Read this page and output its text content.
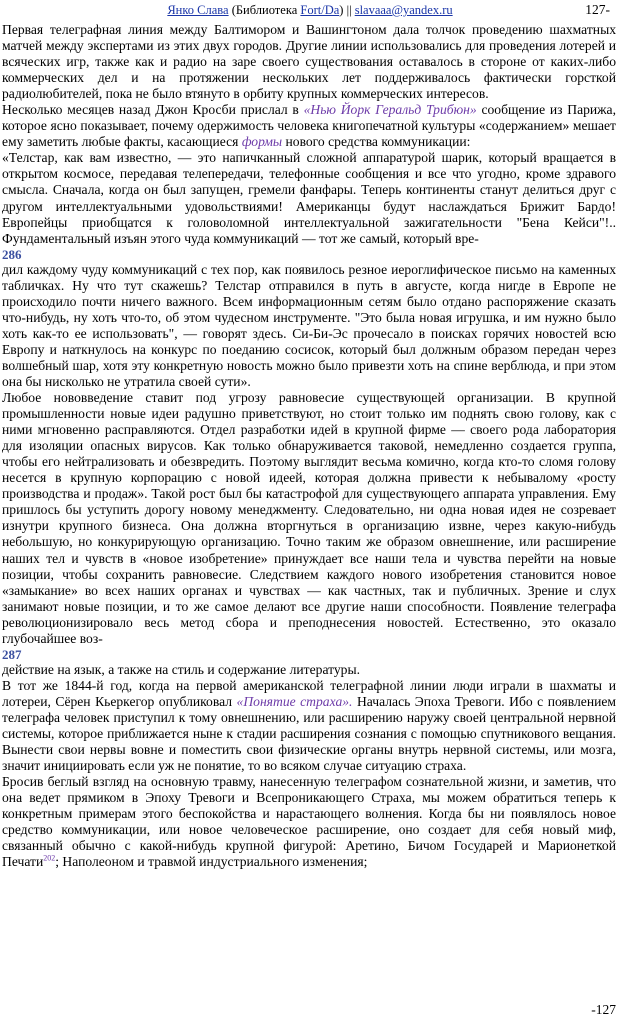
Янко Слава (Библиотека Fort/Da) || slavaaa@yandex.ru	127-

Первая телеграфная линия между Балтимором и Вашингтоном дала толчок проведению шахматных матчей между экспертами из этих двух городов. Другие линии использовались для проведения лотерей и всяческих игр, также как и радио на заре своего существования оставалось в стороне от каких-либо коммерческих дел и на протяжении нескольких лет поддерживалось фактически горсткой радиолюбителей, пока не было втянуто в орбиту крупных коммерческих интересов.

Несколько месяцев назад Джон Кросби прислал в «Нью Йорк Геральд Трибюн» сообщение из Парижа, которое ясно показывает, почему одержимость человека книгопечатной культуры «содержанием» мешает ему заметить любые факты, касающиеся формы нового средства коммуникации:

«Телстар, как вам известно, — это напичканный сложной аппаратурой шарик, который вращается в открытом космосе, передавая телепередачи, телефонные сообщения и все что угодно, кроме здравого смысла. Сначала, когда он был запущен, гремели фанфары. Теперь континенты станут делиться друг с другом интеллектуальными удовольствиями! Американцы будут наслаждаться Брижит Бардо! Европейцы приобщатся к головоломной интеллектуальной зажигательности "Бена Кейси"!.. Фундаментальный изъян этого чуда коммуникаций — тот же самый, который вре-

286

дил каждому чуду коммуникаций с тех пор, как появилось резное иероглифическое письмо на каменных табличках. Ну что тут скажешь? Телстар отправился в путь в августе, когда нигде в Европе не происходило почти ничего важного. Всем информационным сетям было отдано распоряжение сказать что-нибудь, ну хоть что-то, об этом чудесном инструменте. "Это была новая игрушка, и им нужно было хоть как-то ее использовать", — говорят здесь. Си-Би-Эс прочесало в поисках горячих новостей всю Европу и наткнулось на конкурс по поеданию сосисок, который был должным образом передан через волшебный шар, хотя эту конкретную новость можно было привезти хоть на спине верблюда, и при этом она бы нисколько не утратила своей сути».

Любое нововведение ставит под угрозу равновесие существующей организации. В крупной промышленности новые идеи радушно приветствуют, но стоит только им поднять свою голову, как с ними мгновенно расправляются. Отдел разработки идей в крупной фирме — своего рода лаборатория для изоляции опасных вирусов. Как только обнаруживается таковой, немедленно создается группа, чтобы его нейтрализовать и обезвредить. Поэтому выглядит весьма комично, когда кто-то сломя голову несется в крупную корпорацию с новой идеей, которая должна привести к небывалому «росту производства и продаж». Такой рост был бы катастрофой для существующего аппарата управления. Ему пришлось бы уступить дорогу новому менеджменту. Следовательно, ни одна новая идея не созревает изнутри крупного бизнеса. Она должна вторгнуться в организацию извне, через какую-нибудь небольшую, но конкурирующую организацию. Точно таким же образом овнешнение, или расширение наших тел и чувств в «новое изобретение» принуждает все наши тела и чувства перейти на новые позиции, чтобы сохранить равновесие. Следствием каждого нового изобретения становится новое «замыкание» во всех наших органах и чувствах — как частных, так и публичных. Зрение и слух занимают новые позиции, и то же самое делают все другие наши способности. Появление телеграфа революционизировало весь метод сбора и преподнесения новостей. Естественно, это оказало глубочайшее воз-

287

действие на язык, а также на стиль и содержание литературы.

В тот же 1844-й год, когда на первой американской телеграфной линии люди играли в шахматы и лотереи, Сёрен Кьеркегор опубликовал «Понятие страха». Началась Эпоха Тревоги. Ибо с появлением телеграфа человек приступил к тому овнешнению, или расширению наружу своей центральной нервной системы, которое приближается ныне к стадии расширения сознания с помощью спутникового вещания. Вынести свои нервы вовне и поместить свои физические органы внутрь нервной системы, или мозга, значит инициировать если уж не понятие, то во всяком случае ситуацию страха.

Бросив беглый взгляд на основную травму, нанесенную телеграфом сознательной жизни, и заметив, что она ведет прямиком в Эпоху Тревоги и Всепроникающего Страха, мы можем обратиться теперь к конкретным примерам этого беспокойства и нарастающего волнения. Когда бы ни появлялось новое средство коммуникации, или новое человеческое расширение, оно создает для себя новый миф, связанный обычно с какой-нибудь крупной фигурой: Аретино, Бичом Государей и Марионеткой Печати$^{202}$; Наполеоном и травмой индустриального изменения;

-127
